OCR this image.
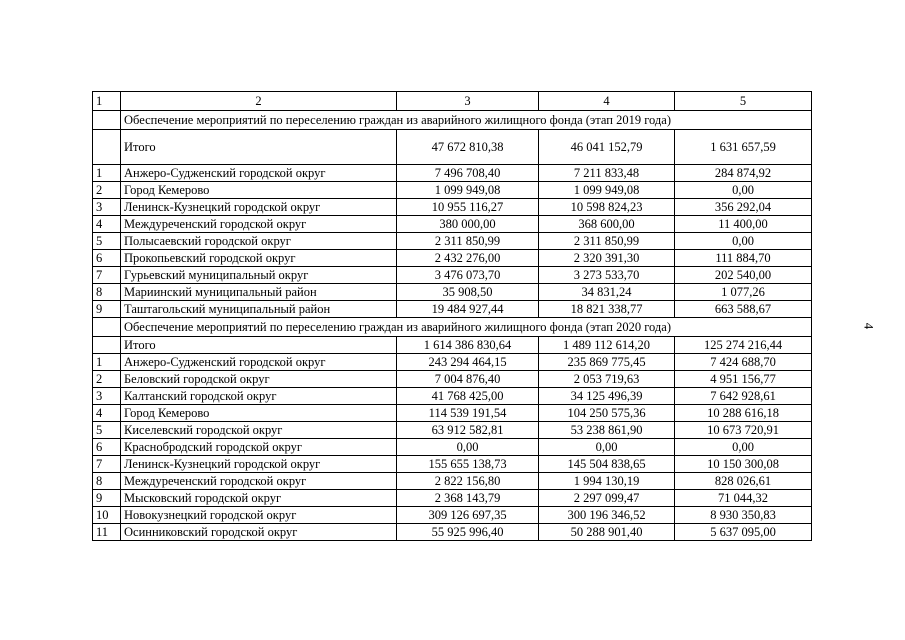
1	2	3	4	5
	Обеспечение мероприятий по переселению граждан из аварийного жилищного фонда (этап 2019 года)			
	Итого	47 672 810,38	46 041 152,79	1 631 657,59
1	Анжеро-Судженский городской округ	7 496 708,40	7 211 833,48	284 874,92
2	Город Кемерово	1 099 949,08	1 099 949,08	0,00
3	Ленинск-Кузнецкий городской округ	10 955 116,27	10 598 824,23	356 292,04
4	Междуреченский городской округ	380 000,00	368 600,00	11 400,00
5	Полысаевский городской округ	2 311 850,99	2 311 850,99	0,00
6	Прокопьевский городской округ	2 432 276,00	2 320 391,30	111 884,70
7	Гурьевский муниципальный округ	3 476 073,70	3 273 533,70	202 540,00
8	Мариинский муниципальный район	35 908,50	34 831,24	1 077,26
9	Таштагольский муниципальный район	19 484 927,44	18 821 338,77	663 588,67
	Обеспечение мероприятий по переселению граждан из аварийного жилищного фонда (этап 2020 года)			
	Итого	1 614 386 830,64	1 489 112 614,20	125 274 216,44
1	Анжеро-Судженский городской округ	243 294 464,15	235 869 775,45	7 424 688,70
2	Беловский городской округ	7 004 876,40	2 053 719,63	4 951 156,77
3	Калтанский городской округ	41 768 425,00	34 125 496,39	7 642 928,61
4	Город Кемерово	114 539 191,54	104 250 575,36	10 288 616,18
5	Киселевский городской округ	63 912 582,81	53 238 861,90	10 673 720,91
6	Краснобродский городской округ	0,00	0,00	0,00
7	Ленинск-Кузнецкий городской округ	155 655 138,73	145 504 838,65	10 150 300,08
8	Междуреченский городской округ	2 822 156,80	1 994 130,19	828 026,61
9	Мысковский городской округ	2 368 143,79	2 297 099,47	71 044,32
10	Новокузнецкий городской округ	309 126 697,35	300 196 346,52	8 930 350,83
11	Осинниковский городской округ	55 925 996,40	50 288 901,40	5 637 095,00
4
